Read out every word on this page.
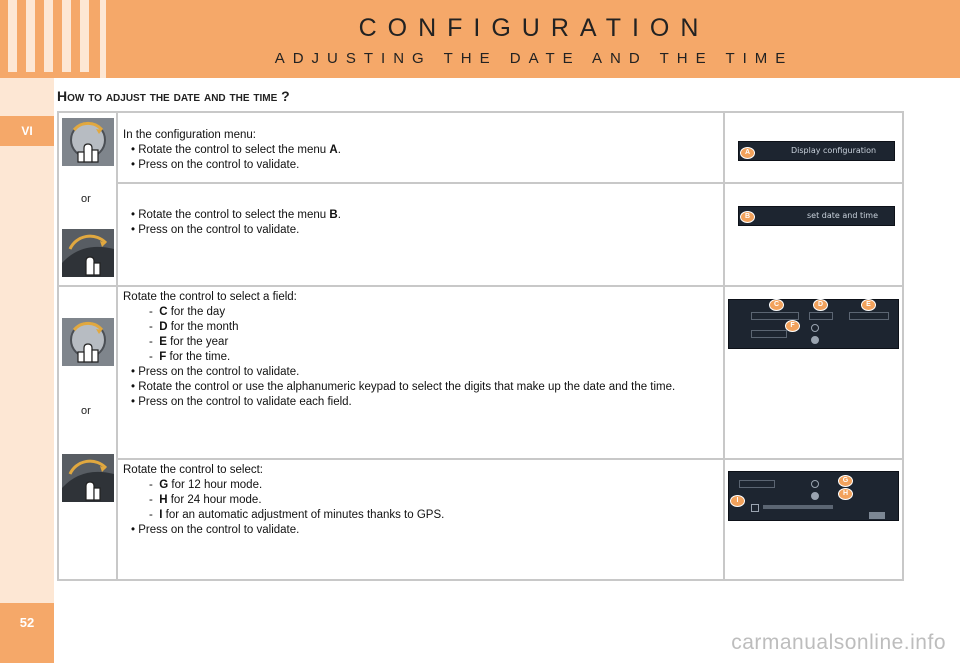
CONFIGURATION
ADJUSTING THE DATE AND THE TIME
VI
52
How to adjust the date and the time ?
or
or
In the configuration menu:
• Rotate the control to select the menu A.
• Press on the control to validate.
• Rotate the control to select the menu B.
• Press on the control to validate.
Rotate the control to select a field:
-  C for the day
-  D for the month
-  E for the year
-  F for the time.
• Press on the control to validate.
• Rotate the control or use the alphanumeric keypad to select the digits that make up the date and the time.
• Press on the control to validate each field.
Rotate the control to select:
-  G for 12 hour mode.
-  H for 24 hour mode.
-  I for an automatic adjustment of minutes thanks to GPS.
• Press on the control to validate.
Display configuration
A
set date and time
B
C	D	E
F
G
H
I
carmanualsonline.info
